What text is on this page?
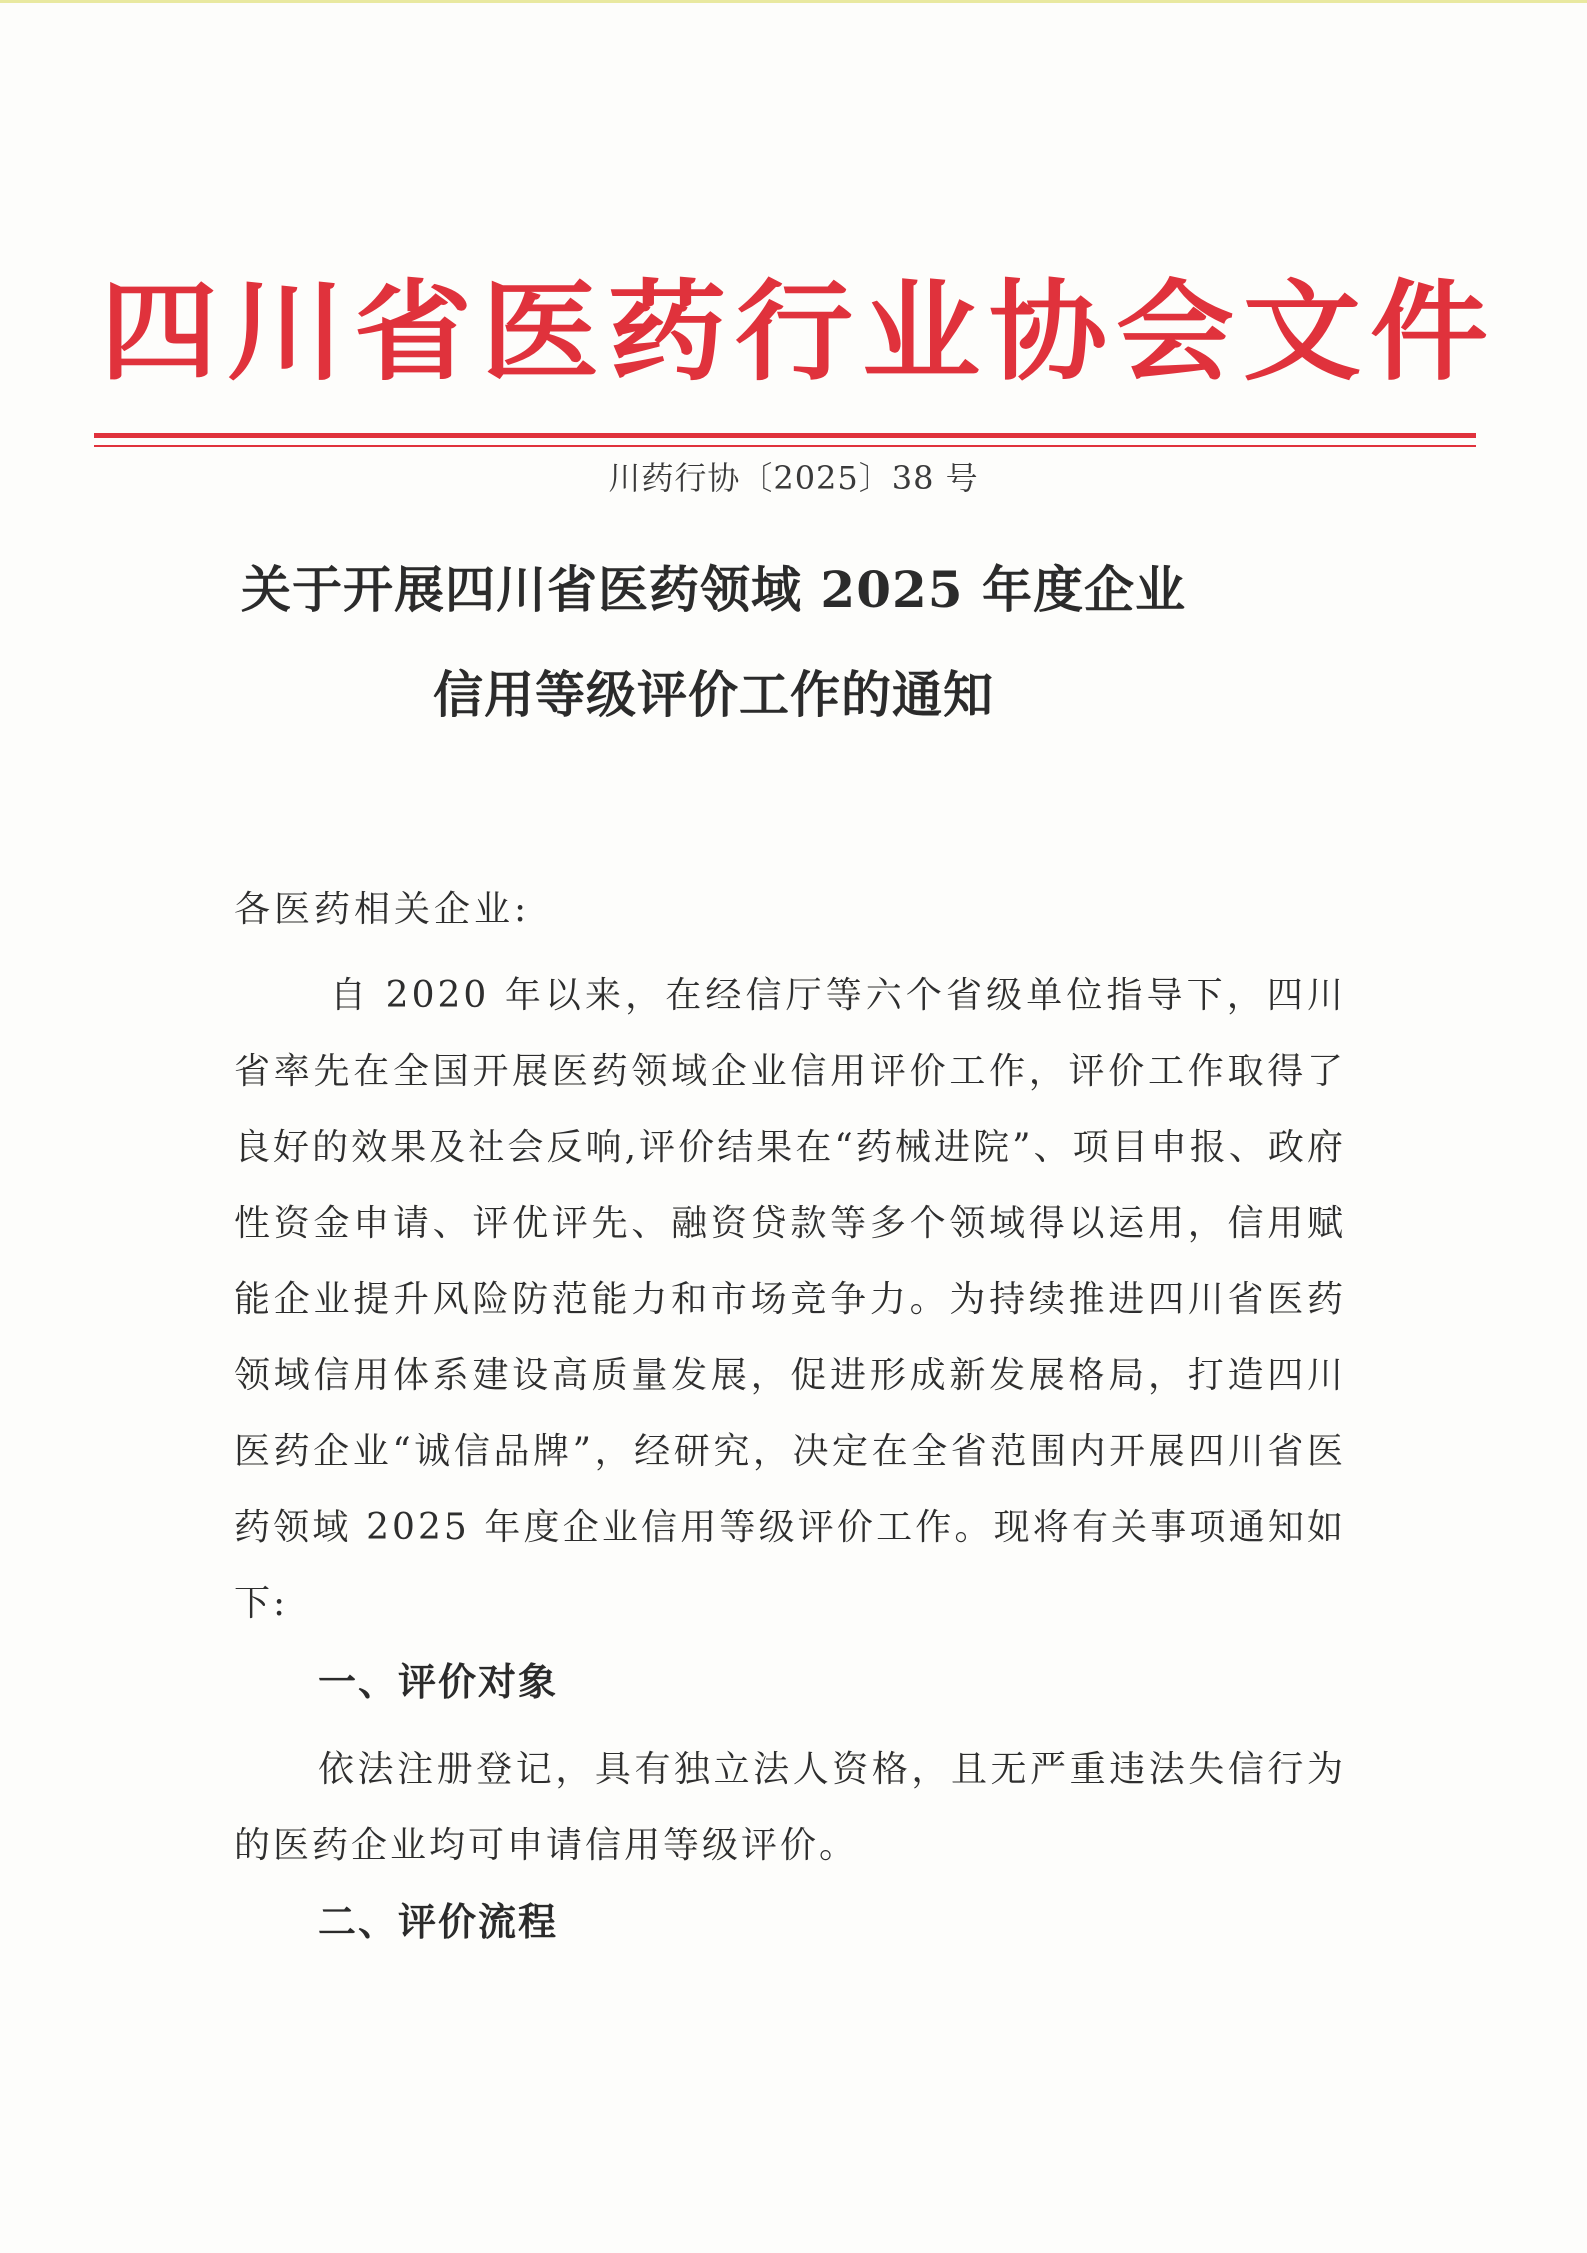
四 川 省 医 药 行 业 协 会 文 件
川药行协〔2025〕38 号
关于开展四川省医药领域 2025 年度企业
信用等级评价工作的通知
各医药相关企业:
自 2020 年以来，在经信厅等六个省级单位指导下，四川省率先在全国开展医药领域企业信用评价工作，评价工作取得了良好的效果及社会反响,评价结果在“药械进院”、项目申报、政府性资金申请、评优评先、融资贷款等多个领域得以运用，信用赋能企业提升风险防范能力和市场竞争力。为持续推进四川省医药领域信用体系建设高质量发展，促进形成新发展格局，打造四川医药企业“诚信品牌”，经研究，决定在全省范围内开展四川省医药领域 2025 年度企业信用等级评价工作。现将有关事项通知如下:
一、评价对象
依法注册登记，具有独立法人资格，且无严重违法失信行为的医药企业均可申请信用等级评价。
二、评价流程
